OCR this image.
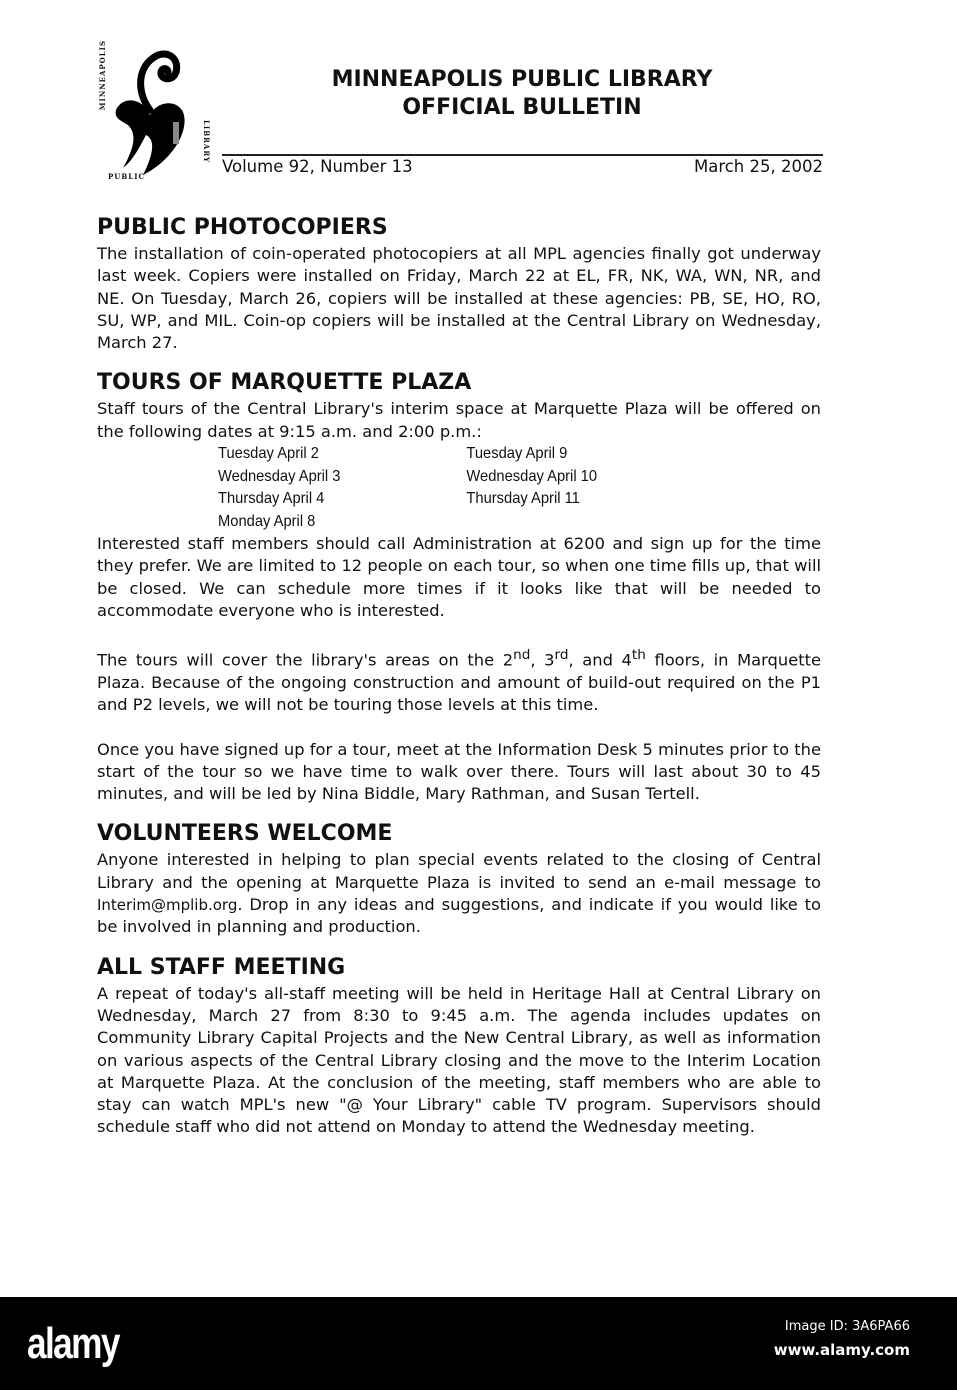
MINNEAPOLIS
PUBLIC
LIBRARY
MINNEAPOLIS PUBLIC LIBRARY
OFFICIAL BULLETIN
Volume 92, Number 13	March 25, 2002
PUBLIC PHOTOCOPIERS

The installation of coin-operated photocopiers at all MPL agencies finally got underway last week. Copiers were installed on Friday, March 22 at EL, FR, NK, WA, WN, NR, and NE. On Tuesday, March 26, copiers will be installed at these agencies: PB, SE, HO, RO, SU, WP, and MIL. Coin-op copiers will be installed at the Central Library on Wednesday, March 27.

TOURS OF MARQUETTE PLAZA

Staff tours of the Central Library's interim space at Marquette Plaza will be offered on the following dates at 9:15 a.m. and 2:00 p.m.:

Tuesday April 2	Tuesday April 9
Wednesday April 3	Wednesday April 10
Thursday April 4	Thursday April 11
Monday April 8

Interested staff members should call Administration at 6200 and sign up for the time they prefer. We are limited to 12 people on each tour, so when one time fills up, that will be closed. We can schedule more times if it looks like that will be needed to accommodate everyone who is interested.

The tours will cover the library's areas on the 2nd, 3rd, and 4th floors, in Marquette Plaza. Because of the ongoing construction and amount of build-out required on the P1 and P2 levels, we will not be touring those levels at this time.

Once you have signed up for a tour, meet at the Information Desk 5 minutes prior to the start of the tour so we have time to walk over there. Tours will last about 30 to 45 minutes, and will be led by Nina Biddle, Mary Rathman, and Susan Tertell.

VOLUNTEERS WELCOME

Anyone interested in helping to plan special events related to the closing of Central Library and the opening at Marquette Plaza is invited to send an e-mail message to Interim@mplib.org. Drop in any ideas and suggestions, and indicate if you would like to be involved in planning and production.

ALL STAFF MEETING

A repeat of today's all-staff meeting will be held in Heritage Hall at Central Library on Wednesday, March 27 from 8:30 to 9:45 a.m. The agenda includes updates on Community Library Capital Projects and the New Central Library, as well as information on various aspects of the Central Library closing and the move to the Interim Location at Marquette Plaza. At the conclusion of the meeting, staff members who are able to stay can watch MPL's new "@ Your Library" cable TV program. Supervisors should schedule staff who did not attend on Monday to attend the Wednesday meeting.

alamy	Image ID: 3A6PA66
www.alamy.com
